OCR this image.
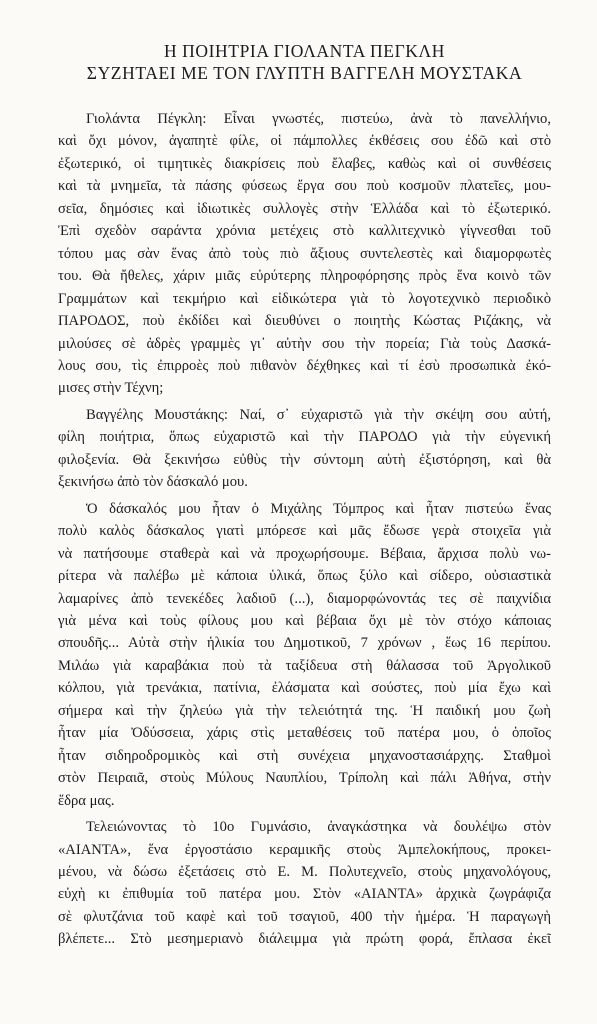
Η ΠΟΙΗΤΡΙΑ ΓΙΟΛΑΝΤΑ ΠΕΓΚΛΗ
ΣΥΖΗΤΑΕΙ ΜΕ ΤΟΝ ΓΛΥΠΤΗ ΒΑΓΓΕΛΗ ΜΟΥΣΤΑΚΑ
Γιολάντα Πέγκλη: Εἶναι γνωστές, πιστεύω, ἀνὰ τὸ πανελλήνιο,
καὶ ὄχι μόνον, ἀγαπητὲ φίλε, οἱ πάμπολλες ἐκθέσεις σου ἐδῶ καὶ στὸ
ἐξωτερικό, οἱ τιμητικὲς διακρίσεις ποὺ ἔλαβες, καθὼς καὶ οἱ συνθέσεις
καὶ τὰ μνημεῖα, τὰ πάσης φύσεως ἔργα σου ποὺ κοσμοῦν πλατεῖες, μου-
σεῖα, δημόσιες καὶ ἰδιωτικὲς συλλογὲς στὴν Ἑλλάδα καὶ τὸ ἐξωτερικό.
Ἐπὶ σχεδὸν σαράντα χρόνια μετέχεις στὸ καλλιτεχνικὸ γίγνεσθαι τοῦ
τόπου μας σὰν ἕνας ἀπὸ τοὺς πιὸ ἄξιους συντελεστὲς καὶ διαμορφωτὲς
του. Θὰ ἤθελες, χάριν μιᾶς εὐρύτερης πληροφόρησης πρὸς ἕνα κοινὸ τῶν
Γραμμάτων καὶ τεκμήριο καὶ εἰδικώτερα γιὰ τὸ λογοτεχνικὸ περιοδικὸ
ΠΑΡΟΔΟΣ, ποὺ ἐκδίδει καὶ διευθύνει ο ποιητὴς Κώστας Ριζάκης, νὰ
μιλούσες σὲ ἀδρὲς γραμμὲς γι᾽ αὐτὴν σου τὴν πορεία; Γιὰ τοὺς Δασκά-
λους σου, τὶς ἐπιρροὲς ποὺ πιθανὸν δέχθηκες καὶ τί ἐσὺ προσωπικὰ ἐκό-
μισες στὴν Τέχνη;
Βαγγέλης Μουστάκης: Ναί, σ᾽ εὐχαριστῶ γιὰ τὴν σκέψη σου αὐτή,
φίλη ποιήτρια, ὅπως εὐχαριστῶ καὶ τὴν ΠΑΡΟΔΟ γιὰ τὴν εὐγενική
φιλοξενία. Θὰ ξεκινήσω εὐθὺς τὴν σύντομη αὐτὴ ἐξιστόρηση, καὶ θὰ
ξεκινήσω ἀπὸ τὸν δάσκαλό μου.
Ὁ δάσκαλός μου ἦταν ὁ Μιχάλης Τόμπρος καὶ ἦταν πιστεύω ἕνας
πολὺ καλὸς δάσκαλος γιατὶ μπόρεσε καὶ μᾶς ἔδωσε γερὰ στοιχεῖα γιὰ
νὰ πατήσουμε σταθερὰ καὶ νὰ προχωρήσουμε. Βέβαια, ἄρχισα πολὺ νω-
ρίτερα νὰ παλέβω μὲ κάποια ὑλικά, ὅπως ξύλο καὶ σίδερο, οὐσιαστικὰ
λαμαρίνες ἀπὸ τενεκέδες λαδιοῦ (...), διαμορφώνοντάς τες σὲ παιχνίδια
γιὰ μένα καὶ τοὺς φίλους μου καὶ βέβαια ὄχι μὲ τὸν στόχο κάποιας
σπουδῆς... Αὐτὰ στὴν ἡλικία του Δημοτικοῦ, 7 χρόνων , ἕως 16 περίπου.
Μιλάω γιὰ καραβάκια ποὺ τὰ ταξίδευα στὴ θάλασσα τοῦ Ἀργολικοῦ
κόλπου, γιὰ τρενάκια, πατίνια, ἐλάσματα καὶ σούστες, ποὺ μία ἔχω καὶ
σήμερα καὶ τὴν ζηλεύω γιὰ τὴν τελειότητά της. Ἡ παιδική μου ζωὴ
ἦταν μία Ὀδύσσεια, χάρις στὶς μεταθέσεις τοῦ πατέρα μου, ὁ ὁποῖος
ἦταν σιδηροδρομικὸς καὶ στὴ συνέχεια μηχανοστασιάρχης. Σταθμοὶ
στὸν Πειραιᾶ, στοὺς Μύλους Ναυπλίου, Τρίπολη καὶ πάλι Ἀθήνα, στὴν
ἕδρα μας.
Τελειώνοντας τὸ 10ο Γυμνάσιο, ἀναγκάστηκα νὰ δουλέψω στὸν
«ΑΙΑΝΤΑ», ἕνα ἐργοστάσιο κεραμικῆς στοὺς Ἀμπελοκήπους, προκει-
μένου, νὰ δώσω ἐξετάσεις στὸ Ε. Μ. Πολυτεχνεῖο, στοὺς μηχανολόγους,
εὐχὴ κι ἐπιθυμία τοῦ πατέρα μου. Στὸν «ΑΙΑΝΤΑ» ἀρχικὰ ζωγράφιζα
σὲ φλυτζάνια τοῦ καφὲ καὶ τοῦ τσαγιοῦ, 400 τὴν ἡμέρα. Ἡ παραγωγὴ
βλέπετε... Στὸ μεσημεριανὸ διάλειμμα γιὰ πρώτη φορά, ἔπλασα ἐκεῖ
